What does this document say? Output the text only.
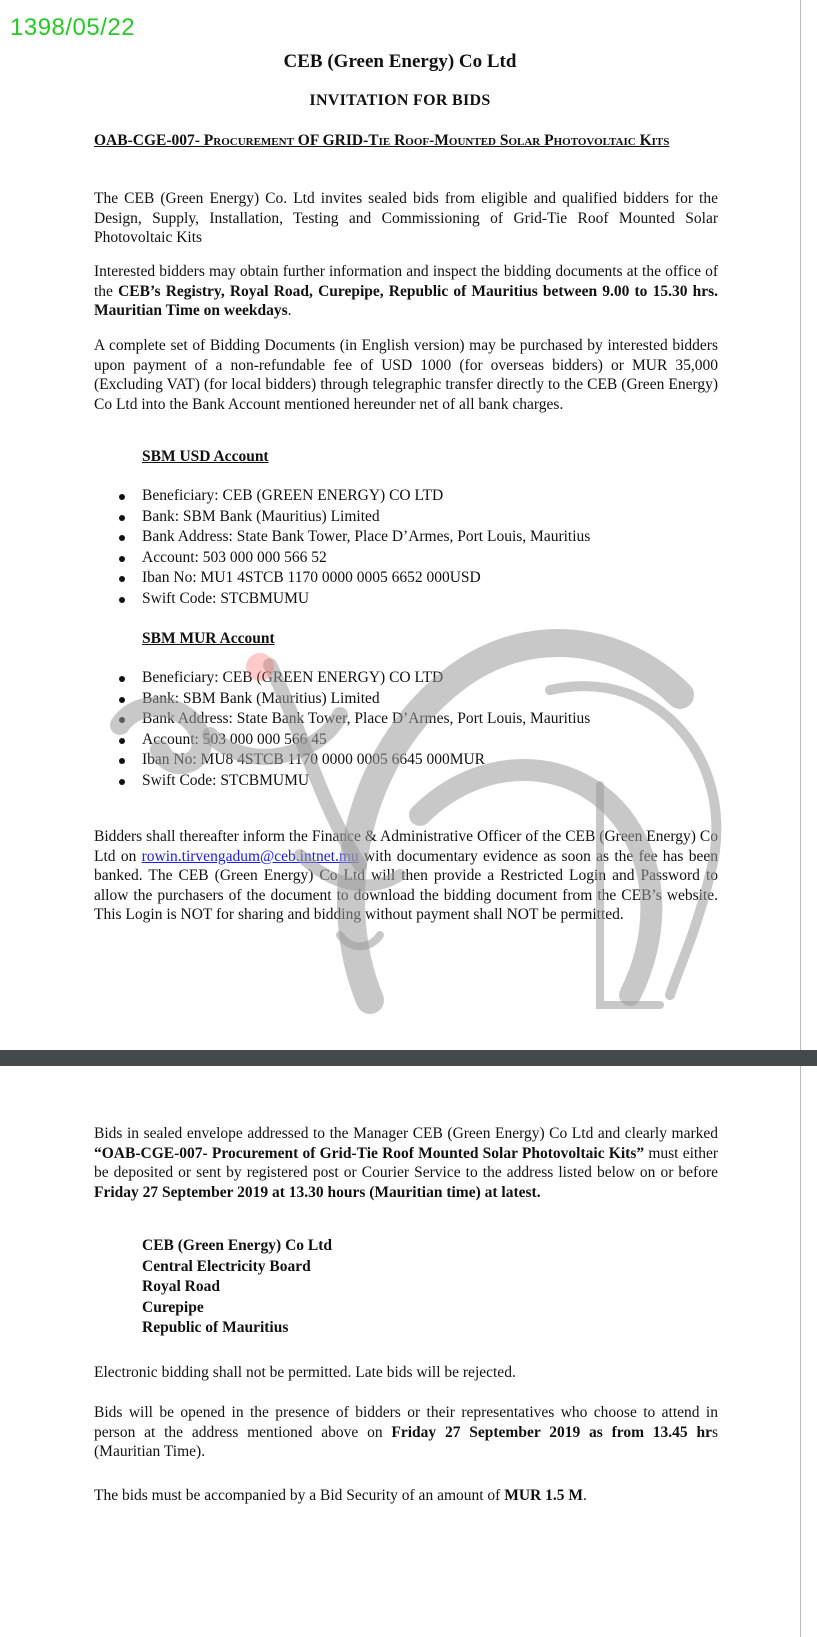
1398/05/22
CEB (Green Energy) Co Ltd
INVITATION FOR BIDS
OAB-CGE-007- Procurement OF GRID-Tie Roof-Mounted Solar Photovoltaic Kits
The CEB (Green Energy) Co. Ltd invites sealed bids from eligible and qualified bidders for the Design, Supply, Installation, Testing and Commissioning of Grid-Tie Roof Mounted Solar Photovoltaic Kits
Interested bidders may obtain further information and inspect the bidding documents at the office of the CEB’s Registry, Royal Road, Curepipe, Republic of Mauritius between 9.00 to 15.30 hrs. Mauritian Time on weekdays.
A complete set of Bidding Documents (in English version) may be purchased by interested bidders upon payment of a non-refundable fee of USD 1000 (for overseas bidders) or MUR 35,000 (Excluding VAT) (for local bidders) through telegraphic transfer directly to the CEB (Green Energy) Co Ltd into the Bank Account mentioned hereunder net of all bank charges.
SBM USD Account
Beneficiary: CEB (GREEN ENERGY) CO LTD
Bank: SBM Bank (Mauritius) Limited
Bank Address: State Bank Tower, Place D’Armes, Port Louis, Mauritius
Account: 503 000 000 566 52
Iban No: MU1 4STCB 1170 0000 0005 6652 000USD
Swift Code: STCBMUMU
SBM MUR Account
Beneficiary: CEB (GREEN ENERGY) CO LTD
Bank: SBM Bank (Mauritius) Limited
Bank Address: State Bank Tower, Place D’Armes, Port Louis, Mauritius
Account: 503 000 000 566 45
Iban No: MU8 4STCB 1170 0000 0005 6645 000MUR
Swift Code: STCBMUMU
Bidders shall thereafter inform the Finance & Administrative Officer of the CEB (Green Energy) Co Ltd on rowin.tirvengadum@ceb.intnet.mu with documentary evidence as soon as the fee has been banked. The CEB (Green Energy) Co Ltd will then provide a Restricted Login and Password to allow the purchasers of the document to download the bidding document from the CEB’s website. This Login is NOT for sharing and bidding without payment shall NOT be permitted.
Bids in sealed envelope addressed to the Manager CEB (Green Energy) Co Ltd and clearly marked “OAB-CGE-007- Procurement of Grid-Tie Roof Mounted Solar Photovoltaic Kits” must either be deposited or sent by registered post or Courier Service to the address listed below on or before Friday 27 September 2019 at 13.30 hours (Mauritian time) at latest.
CEB (Green Energy) Co Ltd
Central Electricity Board
Royal Road
Curepipe
Republic of Mauritius
Electronic bidding shall not be permitted. Late bids will be rejected.
Bids will be opened in the presence of bidders or their representatives who choose to attend in person at the address mentioned above on Friday 27 September 2019 as from 13.45 hrs (Mauritian Time).
The bids must be accompanied by a Bid Security of an amount of MUR 1.5 M.
